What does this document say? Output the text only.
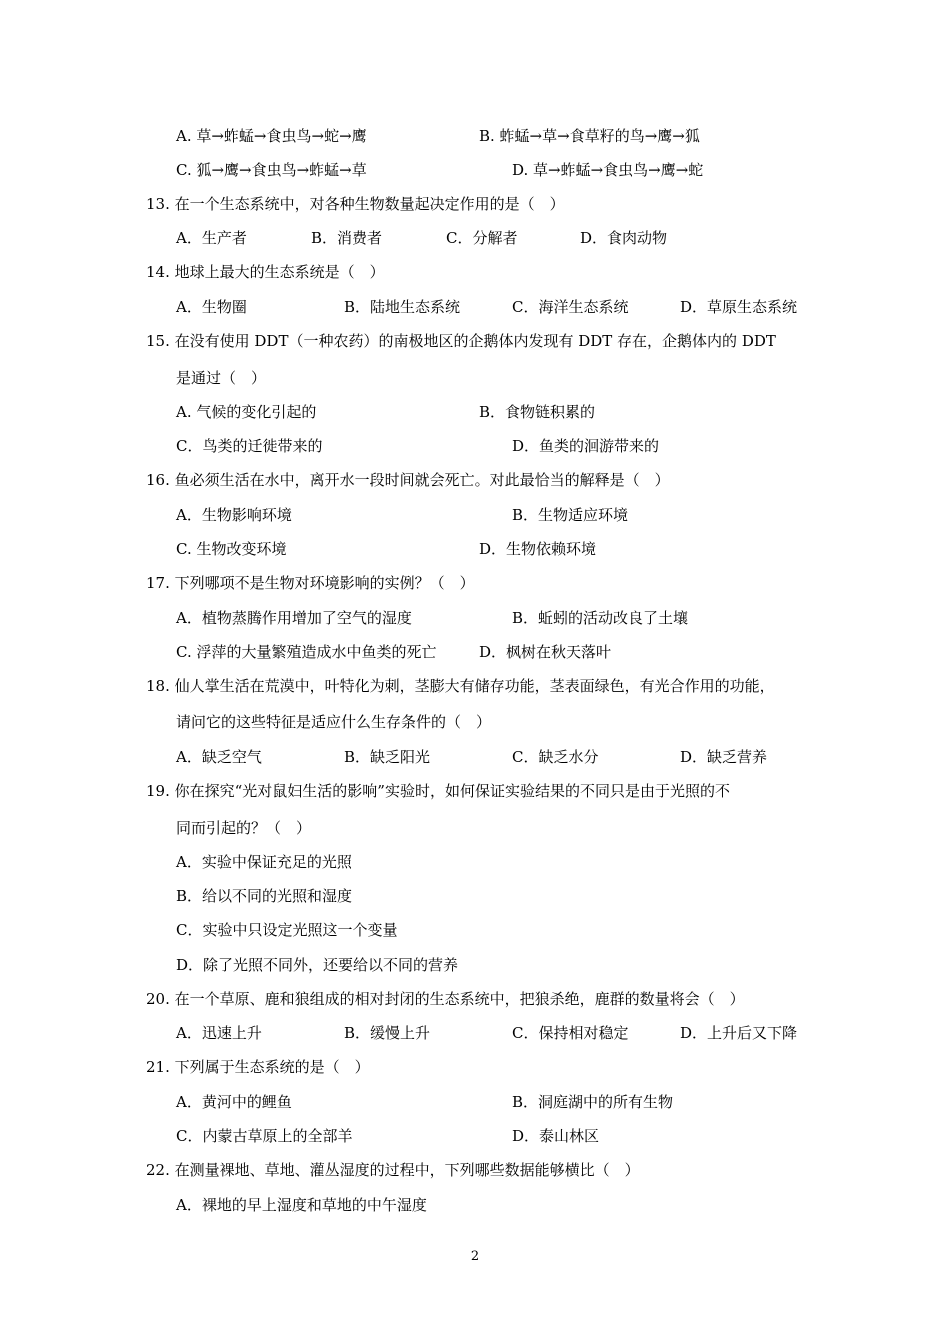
A. 草→蚱蜢→食虫鸟→蛇→鹰	B. 蚱蜢→草→食草籽的鸟→鹰→狐
C. 狐→鹰→食虫鸟→蚱蜢→草	D. 草→蚱蜢→食虫鸟→鹰→蛇
13. 在一个生态系统中，对各种生物数量起决定作用的是（　）
A．生产者	B．消费者	C．分解者	D．食肉动物
14. 地球上最大的生态系统是（　）
A．生物圈	B．陆地生态系统	C．海洋生态系统	D．草原生态系统
15. 在没有使用 DDT（一种农药）的南极地区的企鹅体内发现有 DDT 存在，企鹅体内的 DDT
是通过（　）
A. 气候的变化引起的	B．食物链积累的
C．鸟类的迁徙带来的	D．鱼类的洄游带来的
16. 鱼必须生活在水中，离开水一段时间就会死亡。对此最恰当的解释是（　）
A．生物影响环境	B．生物适应环境
C. 生物改变环境	D．生物依赖环境
17. 下列哪项不是生物对环境影响的实例？（　）
A．植物蒸腾作用增加了空气的湿度	B．蚯蚓的活动改良了土壤
C. 浮萍的大量繁殖造成水中鱼类的死亡	D．枫树在秋天落叶
18. 仙人掌生活在荒漠中，叶特化为刺，茎膨大有储存功能，茎表面绿色，有光合作用的功能，
请问它的这些特征是适应什么生存条件的（　）
A．缺乏空气	B．缺乏阳光	C．缺乏水分	D．缺乏营养
19. 你在探究“光对鼠妇生活的影响”实验时，如何保证实验结果的不同只是由于光照的不
同而引起的？（　）
A．实验中保证充足的光照
B．给以不同的光照和湿度
C．实验中只设定光照这一个变量
D．除了光照不同外，还要给以不同的营养
20. 在一个草原、鹿和狼组成的相对封闭的生态系统中，把狼杀绝，鹿群的数量将会（　）
A．迅速上升	B．缓慢上升	C．保持相对稳定	D．上升后又下降
21. 下列属于生态系统的是（　）
A．黄河中的鲤鱼	B．洞庭湖中的所有生物
C．内蒙古草原上的全部羊	D．泰山林区
22. 在测量裸地、草地、灌丛湿度的过程中，下列哪些数据能够横比（　）
A．裸地的早上湿度和草地的中午湿度
2
